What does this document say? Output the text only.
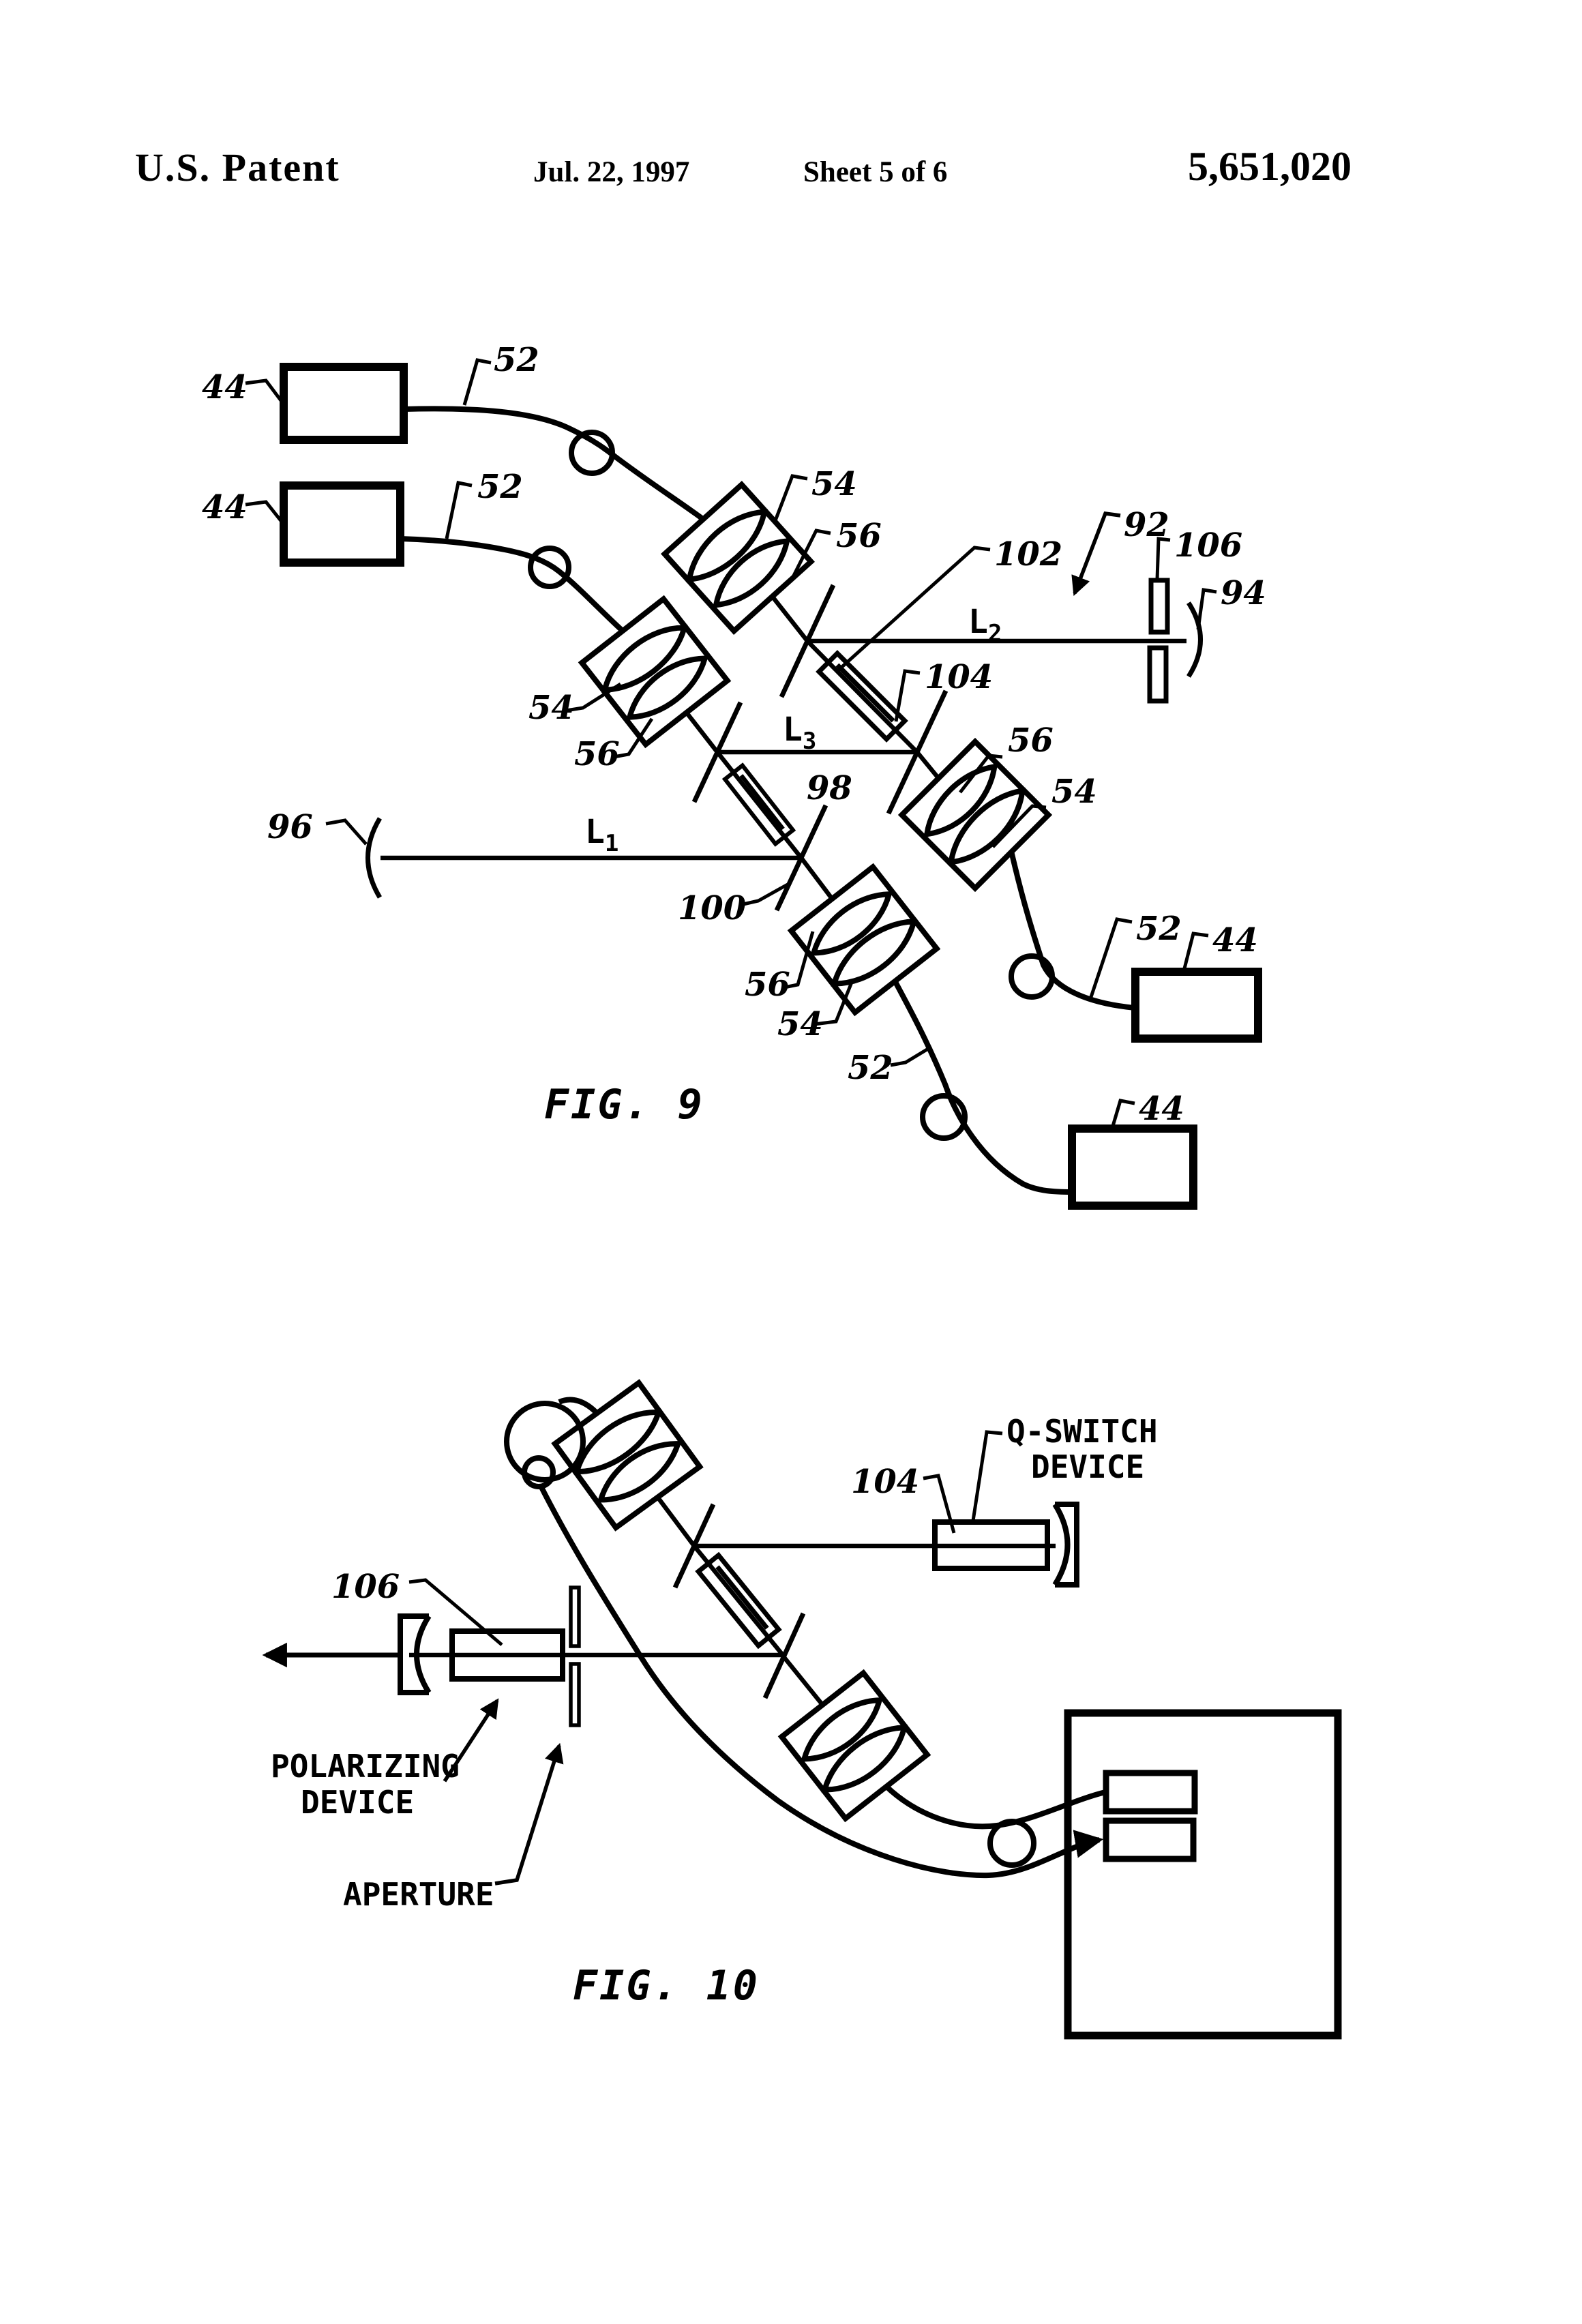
U.S. Patent	Jul. 22, 1997	Sheet 5 of 6	5,651,020
44
52
44
52	54
56
54
56
102
92
106
94
104
96
98
100
56
54
52 44
56
54
52
44
L2
L3
L1
FIG. 9
106
104
Q-SWITCH
DEVICE
POLARIZING
DEVICE
APERTURE
FIG. 10
